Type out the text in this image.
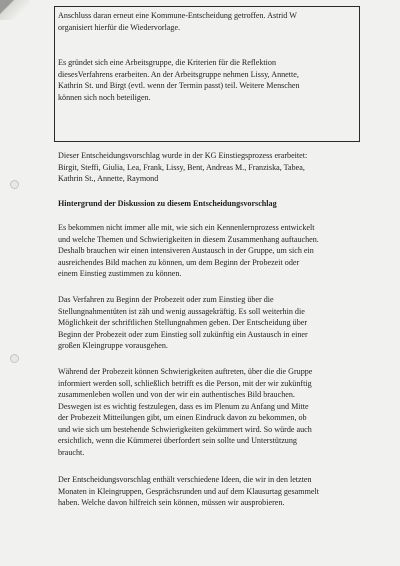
Anschluss daran erneut eine Kommune-Entscheidung getroffen. Astrid W
organisiert hierfür die Wiedervorlage.

Es gründet sich eine Arbeitsgruppe, die Kriterien für die Reflektion
diesesVerfahrens erarbeiten. An der Arbeitsgruppe nehmen Lissy, Annette,
Kathrin St. und Birgt (evtl. wenn der Termin passt) teil. Weitere Menschen
können sich noch beteiligen.

Dieser Entscheidungsvorschlag wurde in der KG Einstiegsprozess erarbeitet:
Birgit, Steffi, Giulia, Lea, Frank, Lissy, Bent, Andreas M., Franziska, Tabea,
Kathrin St., Annette, Raymond

Hintergrund der Diskussion zu diesem Entscheidungsvorschlag

Es bekommen nicht immer alle mit, wie sich ein Kennenlernprozess entwickelt
und welche Themen und Schwierigkeiten in diesem Zusammenhang auftauchen.
Deshalb brauchen wir einen intensiveren Austausch in der Gruppe, um sich ein
ausreichendes Bild machen zu können, um dem Beginn der Probezeit oder
einem Einstieg zustimmen zu können.

Das Verfahren zu Beginn der Probezeit oder zum Einstieg über die
Stellungnahmentüten ist zäh und wenig aussagekräftig. Es soll weiterhin die
Möglichkeit der schriftlichen Stellungnahmen geben. Der Entscheidung über
Beginn der Probezeit oder zum Einstieg soll zukünftig ein Austausch in einer
großen Kleingruppe vorausgehen.

Während der Probezeit können Schwierigkeiten auftreten, über die die Gruppe
informiert werden soll, schließlich betrifft es die Person, mit der wir zukünftig
zusammenleben wollen und von der wir ein authentisches Bild brauchen.
Deswegen ist es wichtig festzulegen, dass es im Plenum zu Anfang und Mitte
der Probezeit Mitteilungen gibt, um einen Eindruck davon zu bekommen, ob
und wie sich um bestehende Schwierigkeiten gekümmert wird. So würde auch
ersichtlich, wenn die Kümmerei überfordert sein sollte und Unterstützung
braucht.

Der Entscheidungsvorschlag enthält verschiedene Ideen, die wir in den letzten
Monaten in Kleingruppen, Gesprächsrunden und auf dem Klausurtag gesammelt
haben. Welche davon hilfreich sein können, müssen wir ausprobieren.
